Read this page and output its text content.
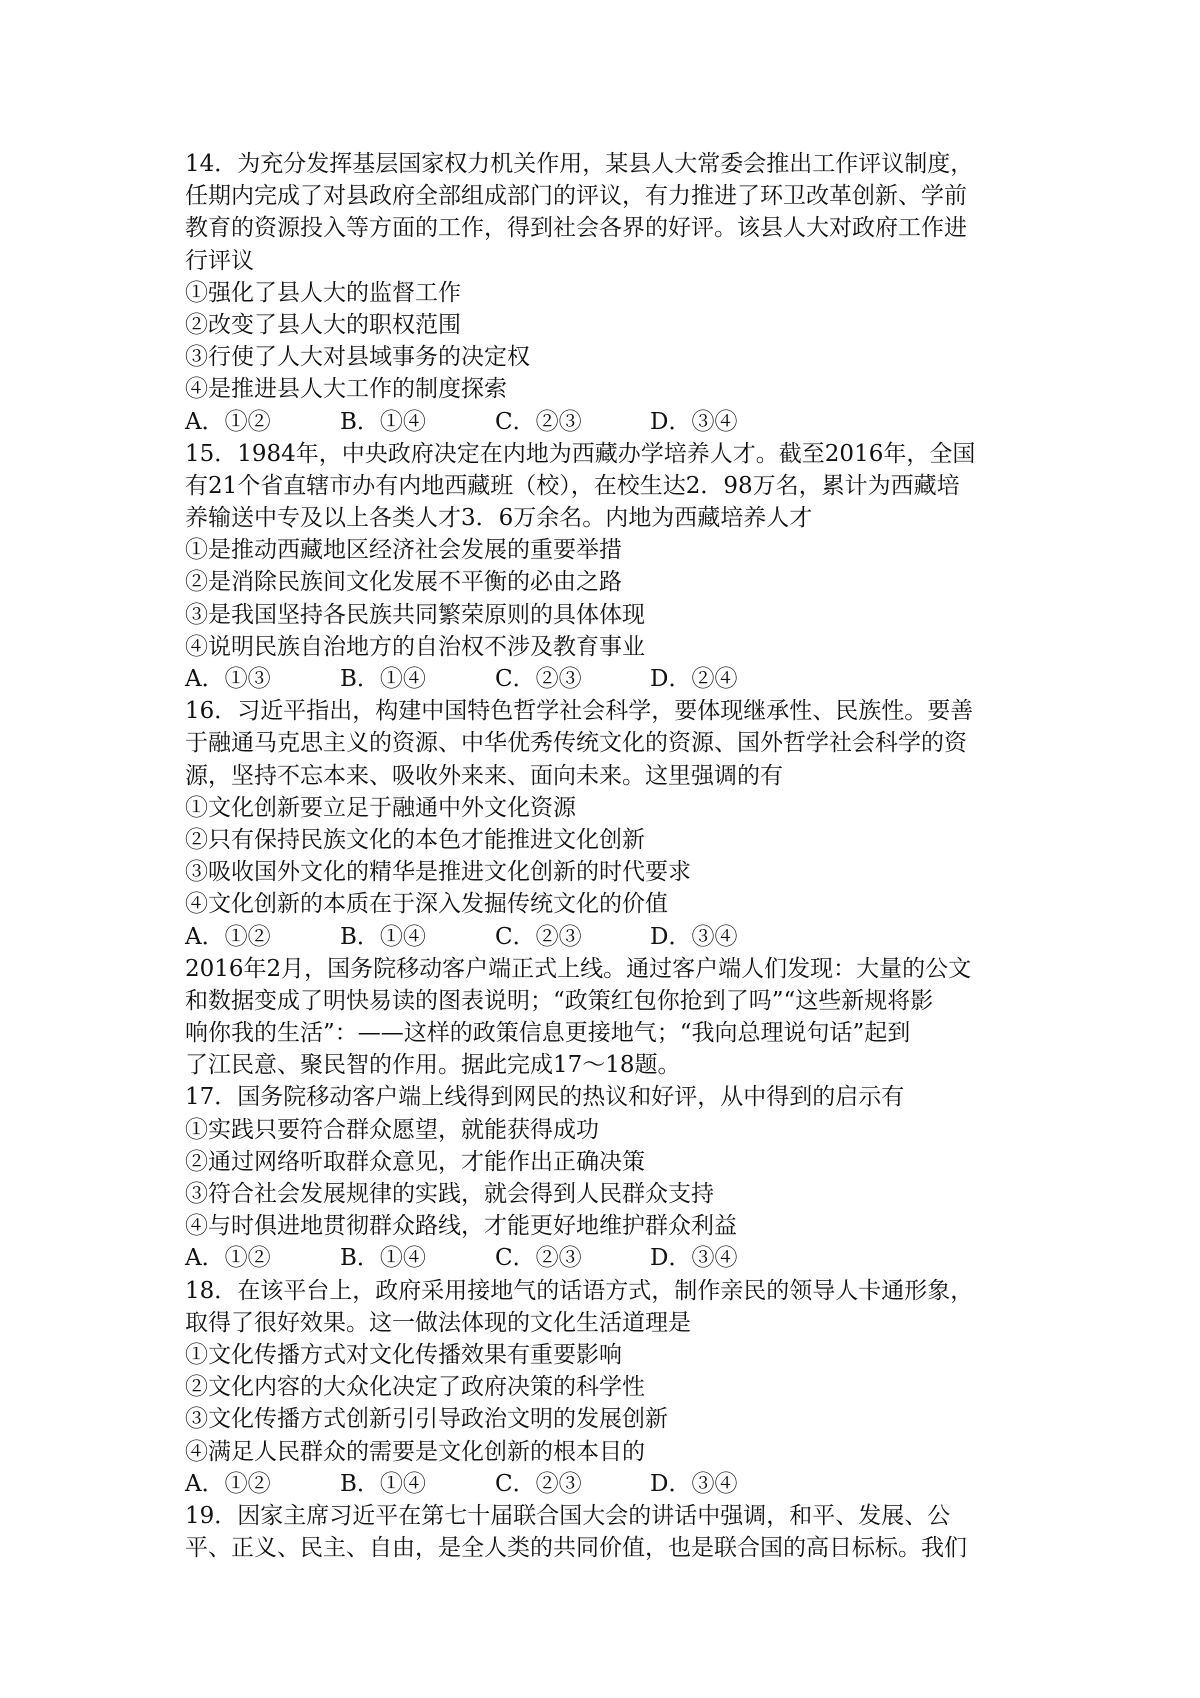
14．为充分发挥基层国家权力机关作用，某县人大常委会推出工作评议制度，
任期内完成了对县政府全部组成部门的评议，有力推进了环卫改革创新、学前
教育的资源投入等方面的工作，得到社会各界的好评。该县人大对政府工作进
行评议
①强化了县人大的监督工作
②改变了县人大的职权范围
③行使了人大对县域事务的决定权
④是推进县人大工作的制度探索
A．①②	B．①④	C．②③	D．③④
15．1984年，中央政府决定在内地为西藏办学培养人才。截至2016年，全国
有21个省直辖市办有内地西藏班（校），在校生达2．98万名，累计为西藏培
养输送中专及以上各类人才3．6万余名。内地为西藏培养人才
①是推动西藏地区经济社会发展的重要举措
②是消除民族间文化发展不平衡的必由之路
③是我国坚持各民族共同繁荣原则的具体体现
④说明民族自治地方的自治权不涉及教育事业
A．①③	B．①④	C．②③	D．②④
16．习近平指出，构建中国特色哲学社会科学，要体现继承性、民族性。要善
于融通马克思主义的资源、中华优秀传统文化的资源、国外哲学社会科学的资
源，坚持不忘本来、吸收外来来、面向未来。这里强调的有
①文化创新要立足于融通中外文化资源
②只有保持民族文化的本色才能推进文化创新
③吸收国外文化的精华是推进文化创新的时代要求
④文化创新的本质在于深入发掘传统文化的价值
A．①②	B．①④	C．②③	D．③④
2016年2月，国务院移动客户端正式上线。通过客户端人们发现：大量的公文
和数据变成了明快易读的图表说明；“政策红包你抢到了吗”“这些新规将影
响你我的生活”：——这样的政策信息更接地气；“我向总理说句话”起到
了江民意、聚民智的作用。据此完成17～18题。
17．国务院移动客户端上线得到网民的热议和好评，从中得到的启示有
①实践只要符合群众愿望，就能获得成功
②通过网络听取群众意见，才能作出正确决策
③符合社会发展规律的实践，就会得到人民群众支持
④与时俱进地贯彻群众路线，才能更好地维护群众利益
A．①②	B．①④	C．②③	D．③④
18．在该平台上，政府采用接地气的话语方式，制作亲民的领导人卡通形象，
取得了很好效果。这一做法体现的文化生活道理是
①文化传播方式对文化传播效果有重要影响
②文化内容的大众化决定了政府决策的科学性
③文化传播方式创新引引导政治文明的发展创新
④满足人民群众的需要是文化创新的根本目的
A．①②	B．①④	C．②③	D．③④
19．因家主席习近平在第七十届联合国大会的讲话中强调，和平、发展、公
平、正义、民主、自由，是全人类的共同价值，也是联合国的高日标标。我们
